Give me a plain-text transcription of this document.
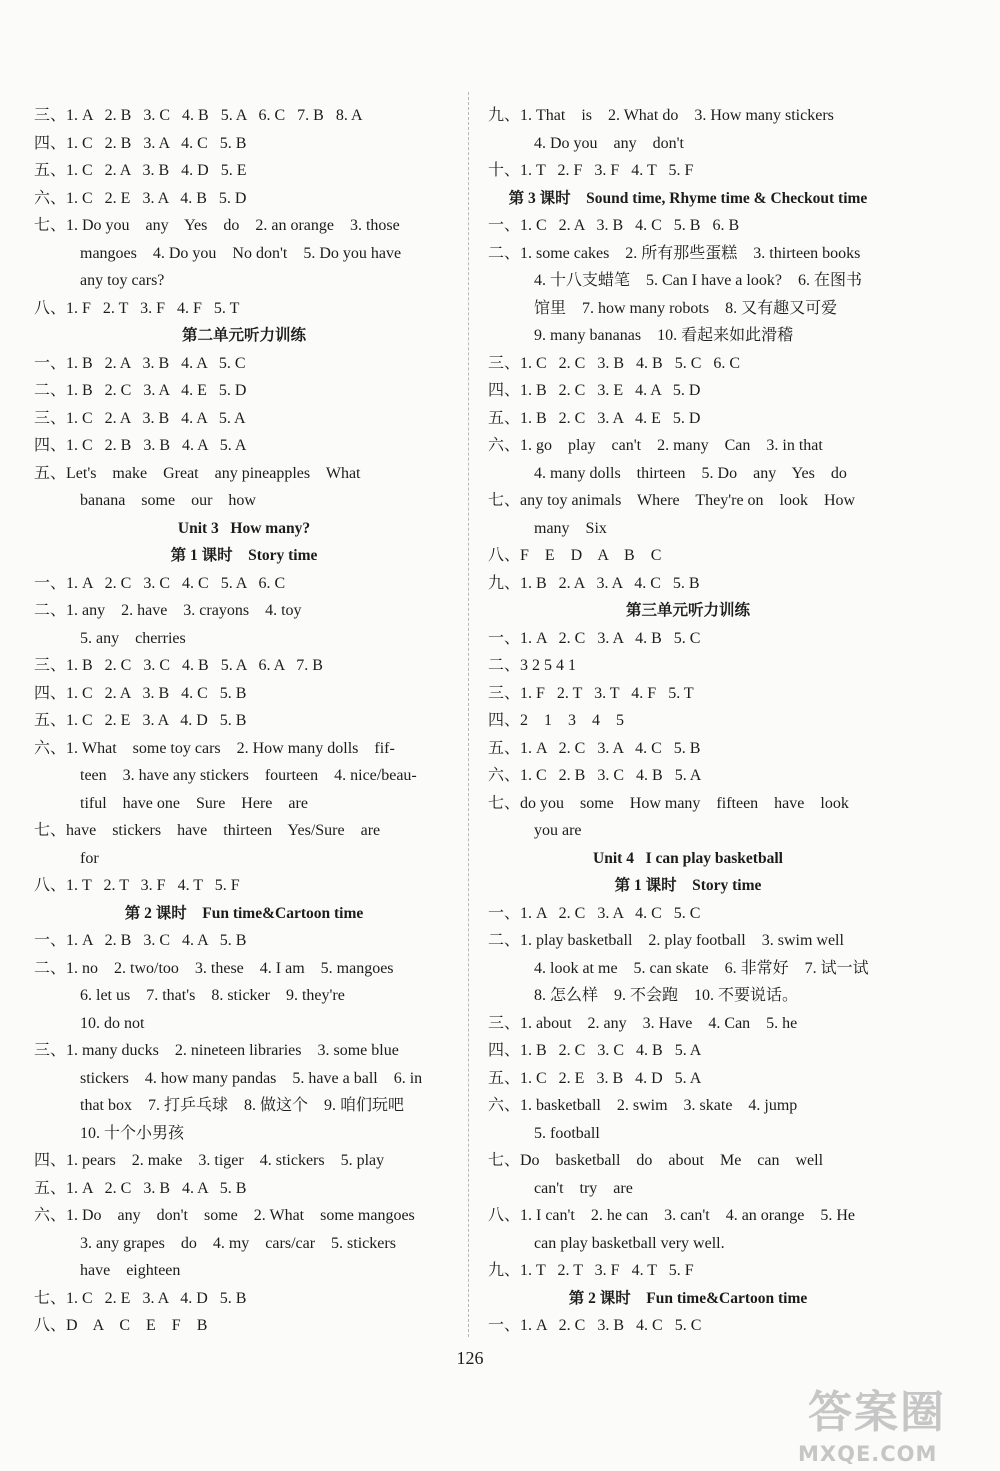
三、1. A   2. B   3. C   4. B   5. A   6. C   7. B   8. A
四、1. C   2. B   3. A   4. C   5. B
五、1. C   2. A   3. B   4. D   5. E
六、1. C   2. E   3. A   4. B   5. D
七、1. Do you    any    Yes    do    2. an orange    3. those
mangoes    4. Do you    No don't    5. Do you have
any toy cars?
八、1. F   2. T   3. F   4. F   5. T
第二单元听力训练
一、1. B   2. A   3. B   4. A   5. C
二、1. B   2. C   3. A   4. E   5. D
三、1. C   2. A   3. B   4. A   5. A
四、1. C   2. B   3. B   4. A   5. A
五、Let's    make    Great    any pineapples    What
banana    some    our    how
Unit 3   How many?
第 1 课时    Story time
一、1. A   2. C   3. C   4. C   5. A   6. C
二、1. any    2. have    3. crayons    4. toy
5. any    cherries
三、1. B   2. C   3. C   4. B   5. A   6. A   7. B
四、1. C   2. A   3. B   4. C   5. B
五、1. C   2. E   3. A   4. D   5. B
六、1. What    some toy cars    2. How many dolls    fif-
teen    3. have any stickers    fourteen    4. nice/beau-
tiful    have one    Sure    Here    are
七、have    stickers    have    thirteen    Yes/Sure    are
for
八、1. T   2. T   3. F   4. T   5. F
第 2 课时    Fun time&Cartoon time
一、1. A   2. B   3. C   4. A   5. B
二、1. no    2. two/too    3. these    4. I am    5. mangoes
6. let us    7. that's    8. sticker    9. they're
10. do not
三、1. many ducks    2. nineteen libraries    3. some blue
stickers    4. how many pandas    5. have a ball    6. in
that box    7. 打乒乓球    8. 做这个    9. 咱们玩吧
10. 十个小男孩
四、1. pears    2. make    3. tiger    4. stickers    5. play
五、1. A   2. C   3. B   4. A   5. B
六、1. Do    any    don't    some    2. What    some mangoes
3. any grapes    do    4. my    cars/car    5. stickers
have    eighteen
七、1. C   2. E   3. A   4. D   5. B
八、D    A    C    E    F    B
九、1. That    is    2. What do    3. How many stickers
4. Do you    any    don't
十、1. T   2. F   3. F   4. T   5. F
第 3 课时    Sound time, Rhyme time & Checkout time
一、1. C   2. A   3. B   4. C   5. B   6. B
二、1. some cakes    2. 所有那些蛋糕    3. thirteen books
4. 十八支蜡笔    5. Can I have a look?    6. 在图书
馆里    7. how many robots    8. 又有趣又可爱
9. many bananas    10. 看起来如此滑稽
三、1. C   2. C   3. B   4. B   5. C   6. C
四、1. B   2. C   3. E   4. A   5. D
五、1. B   2. C   3. A   4. E   5. D
六、1. go    play    can't    2. many    Can    3. in that
4. many dolls    thirteen    5. Do    any    Yes    do
七、any toy animals    Where    They're on    look    How
many    Six
八、F    E    D    A    B    C
九、1. B   2. A   3. A   4. C   5. B
第三单元听力训练
一、1. A   2. C   3. A   4. B   5. C
二、3 2 5 4 1
三、1. F   2. T   3. T   4. F   5. T
四、2    1    3    4    5
五、1. A   2. C   3. A   4. C   5. B
六、1. C   2. B   3. C   4. B   5. A
七、do you    some    How many    fifteen    have    look
you are
Unit 4   I can play basketball
第 1 课时    Story time
一、1. A   2. C   3. A   4. C   5. C
二、1. play basketball    2. play football    3. swim well
4. look at me    5. can skate    6. 非常好    7. 试一试
8. 怎么样    9. 不会跑    10. 不要说话。
三、1. about    2. any    3. Have    4. Can    5. he
四、1. B   2. C   3. C   4. B   5. A
五、1. C   2. E   3. B   4. D   5. A
六、1. basketball    2. swim    3. skate    4. jump
5. football
七、Do    basketball    do    about    Me    can    well
can't    try    are
八、1. I can't    2. he can    3. can't    4. an orange    5. He
can play basketball very well.
九、1. T   2. T   3. F   4. T   5. F
第 2 课时    Fun time&Cartoon time
一、1. A   2. C   3. B   4. C   5. C
126
答案圈
MXQE.COM
